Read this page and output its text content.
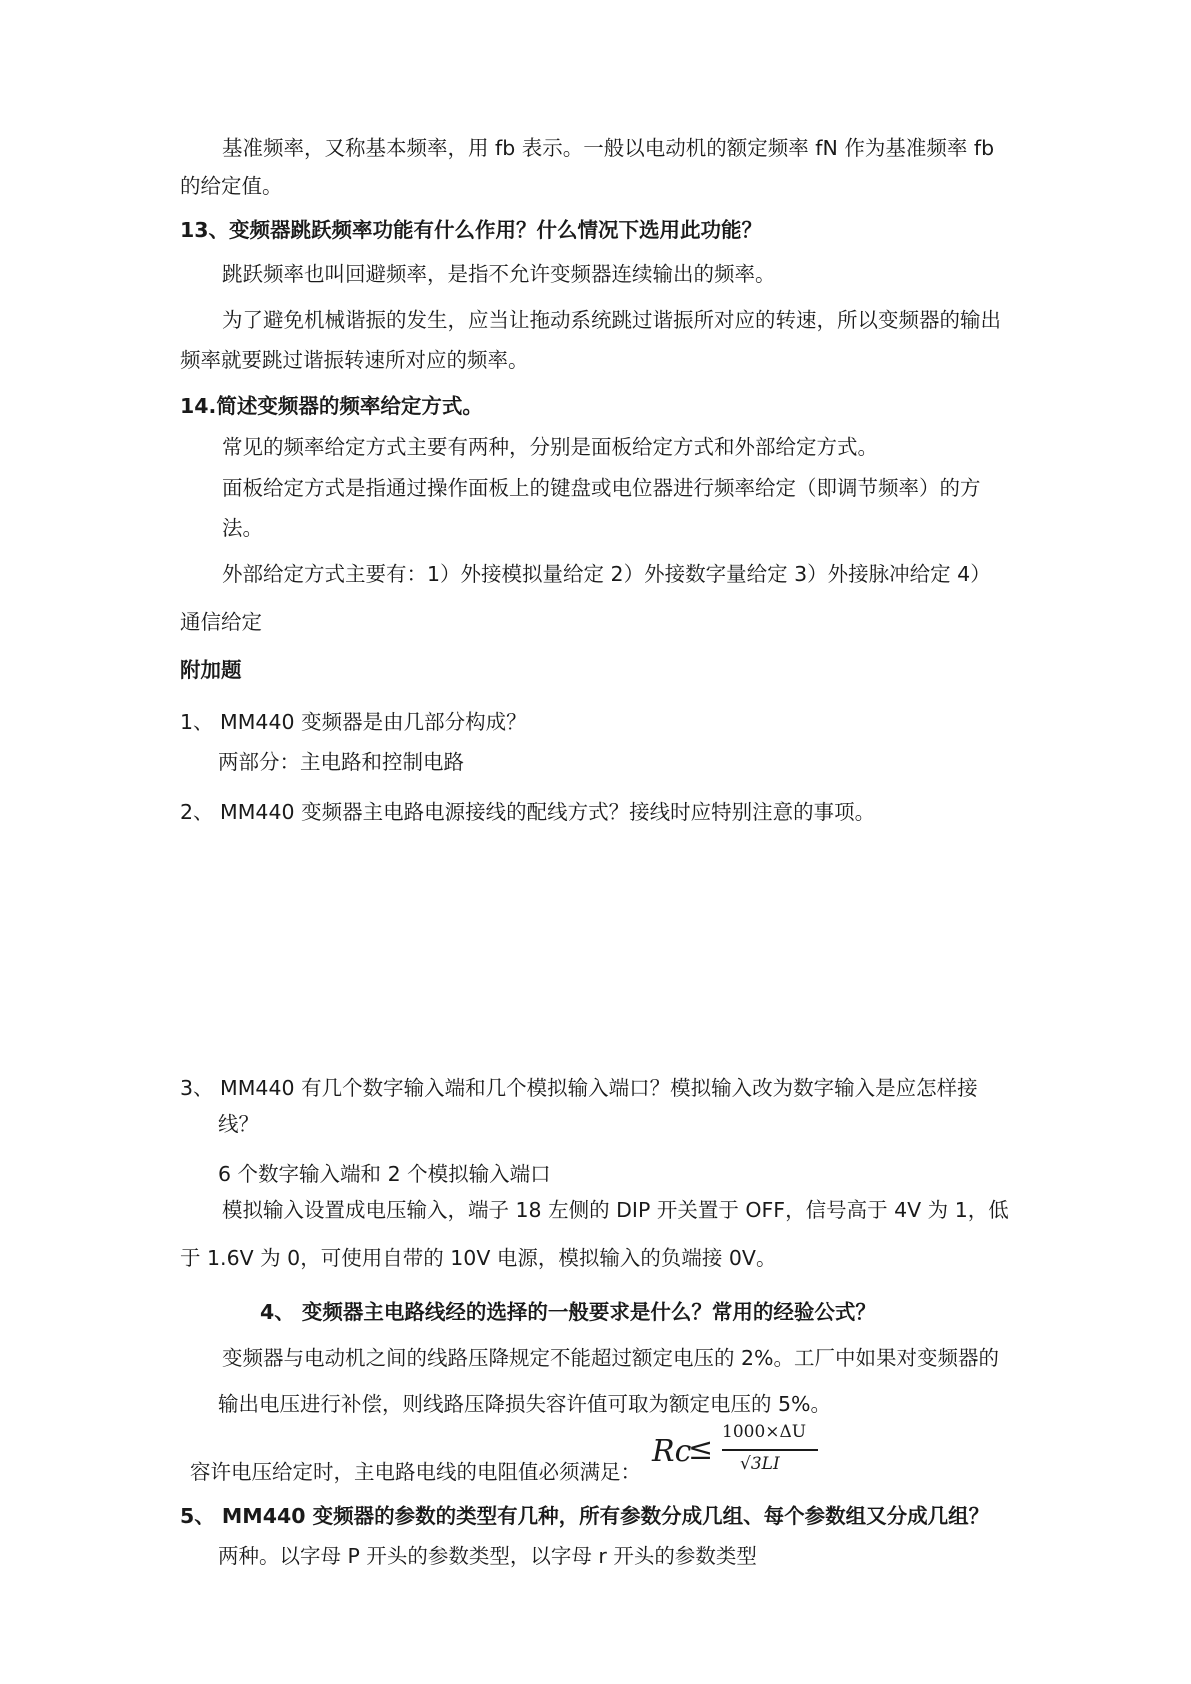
基准频率，又称基本频率，用 fb 表示。一般以电动机的额定频率 fN 作为基准频率 fb
的给定值。
13、变频器跳跃频率功能有什么作用？什么情况下选用此功能？
跳跃频率也叫回避频率，是指不允许变频器连续输出的频率。
为了避免机械谐振的发生，应当让拖动系统跳过谐振所对应的转速，所以变频器的输出
频率就要跳过谐振转速所对应的频率。
14.简述变频器的频率给定方式。
常见的频率给定方式主要有两种，分别是面板给定方式和外部给定方式。
面板给定方式是指通过操作面板上的键盘或电位器进行频率给定（即调节频率）的方
法。
外部给定方式主要有：1）外接模拟量给定 2）外接数字量给定 3）外接脉冲给定 4）
通信给定
附加题
1、 MM440 变频器是由几部分构成？
两部分：主电路和控制电路
2、 MM440 变频器主电路电源接线的配线方式？接线时应特别注意的事项。
3、 MM440 有几个数字输入端和几个模拟输入端口？模拟输入改为数字输入是应怎样接
线？
6 个数字输入端和 2 个模拟输入端口
模拟输入设置成电压输入，端子 18 左侧的 DIP 开关置于 OFF，信号高于 4V 为 1，低
于 1.6V 为 0，可使用自带的 10V 电源，模拟输入的负端接 0V。
4、 变频器主电路线经的选择的一般要求是什么？常用的经验公式？
变频器与电动机之间的线路压降规定不能超过额定电压的 2%。工厂中如果对变频器的
输出电压进行补偿，则线路压降损失容许值可取为额定电压的 5%。
容许电压给定时，主电路电线的电阻值必须满足：
Rc
≤ 1000×ΔU
√3LI
5、 MM440 变频器的参数的类型有几种，所有参数分成几组、每个参数组又分成几组？
两种。以字母 P 开头的参数类型，以字母 r 开头的参数类型
